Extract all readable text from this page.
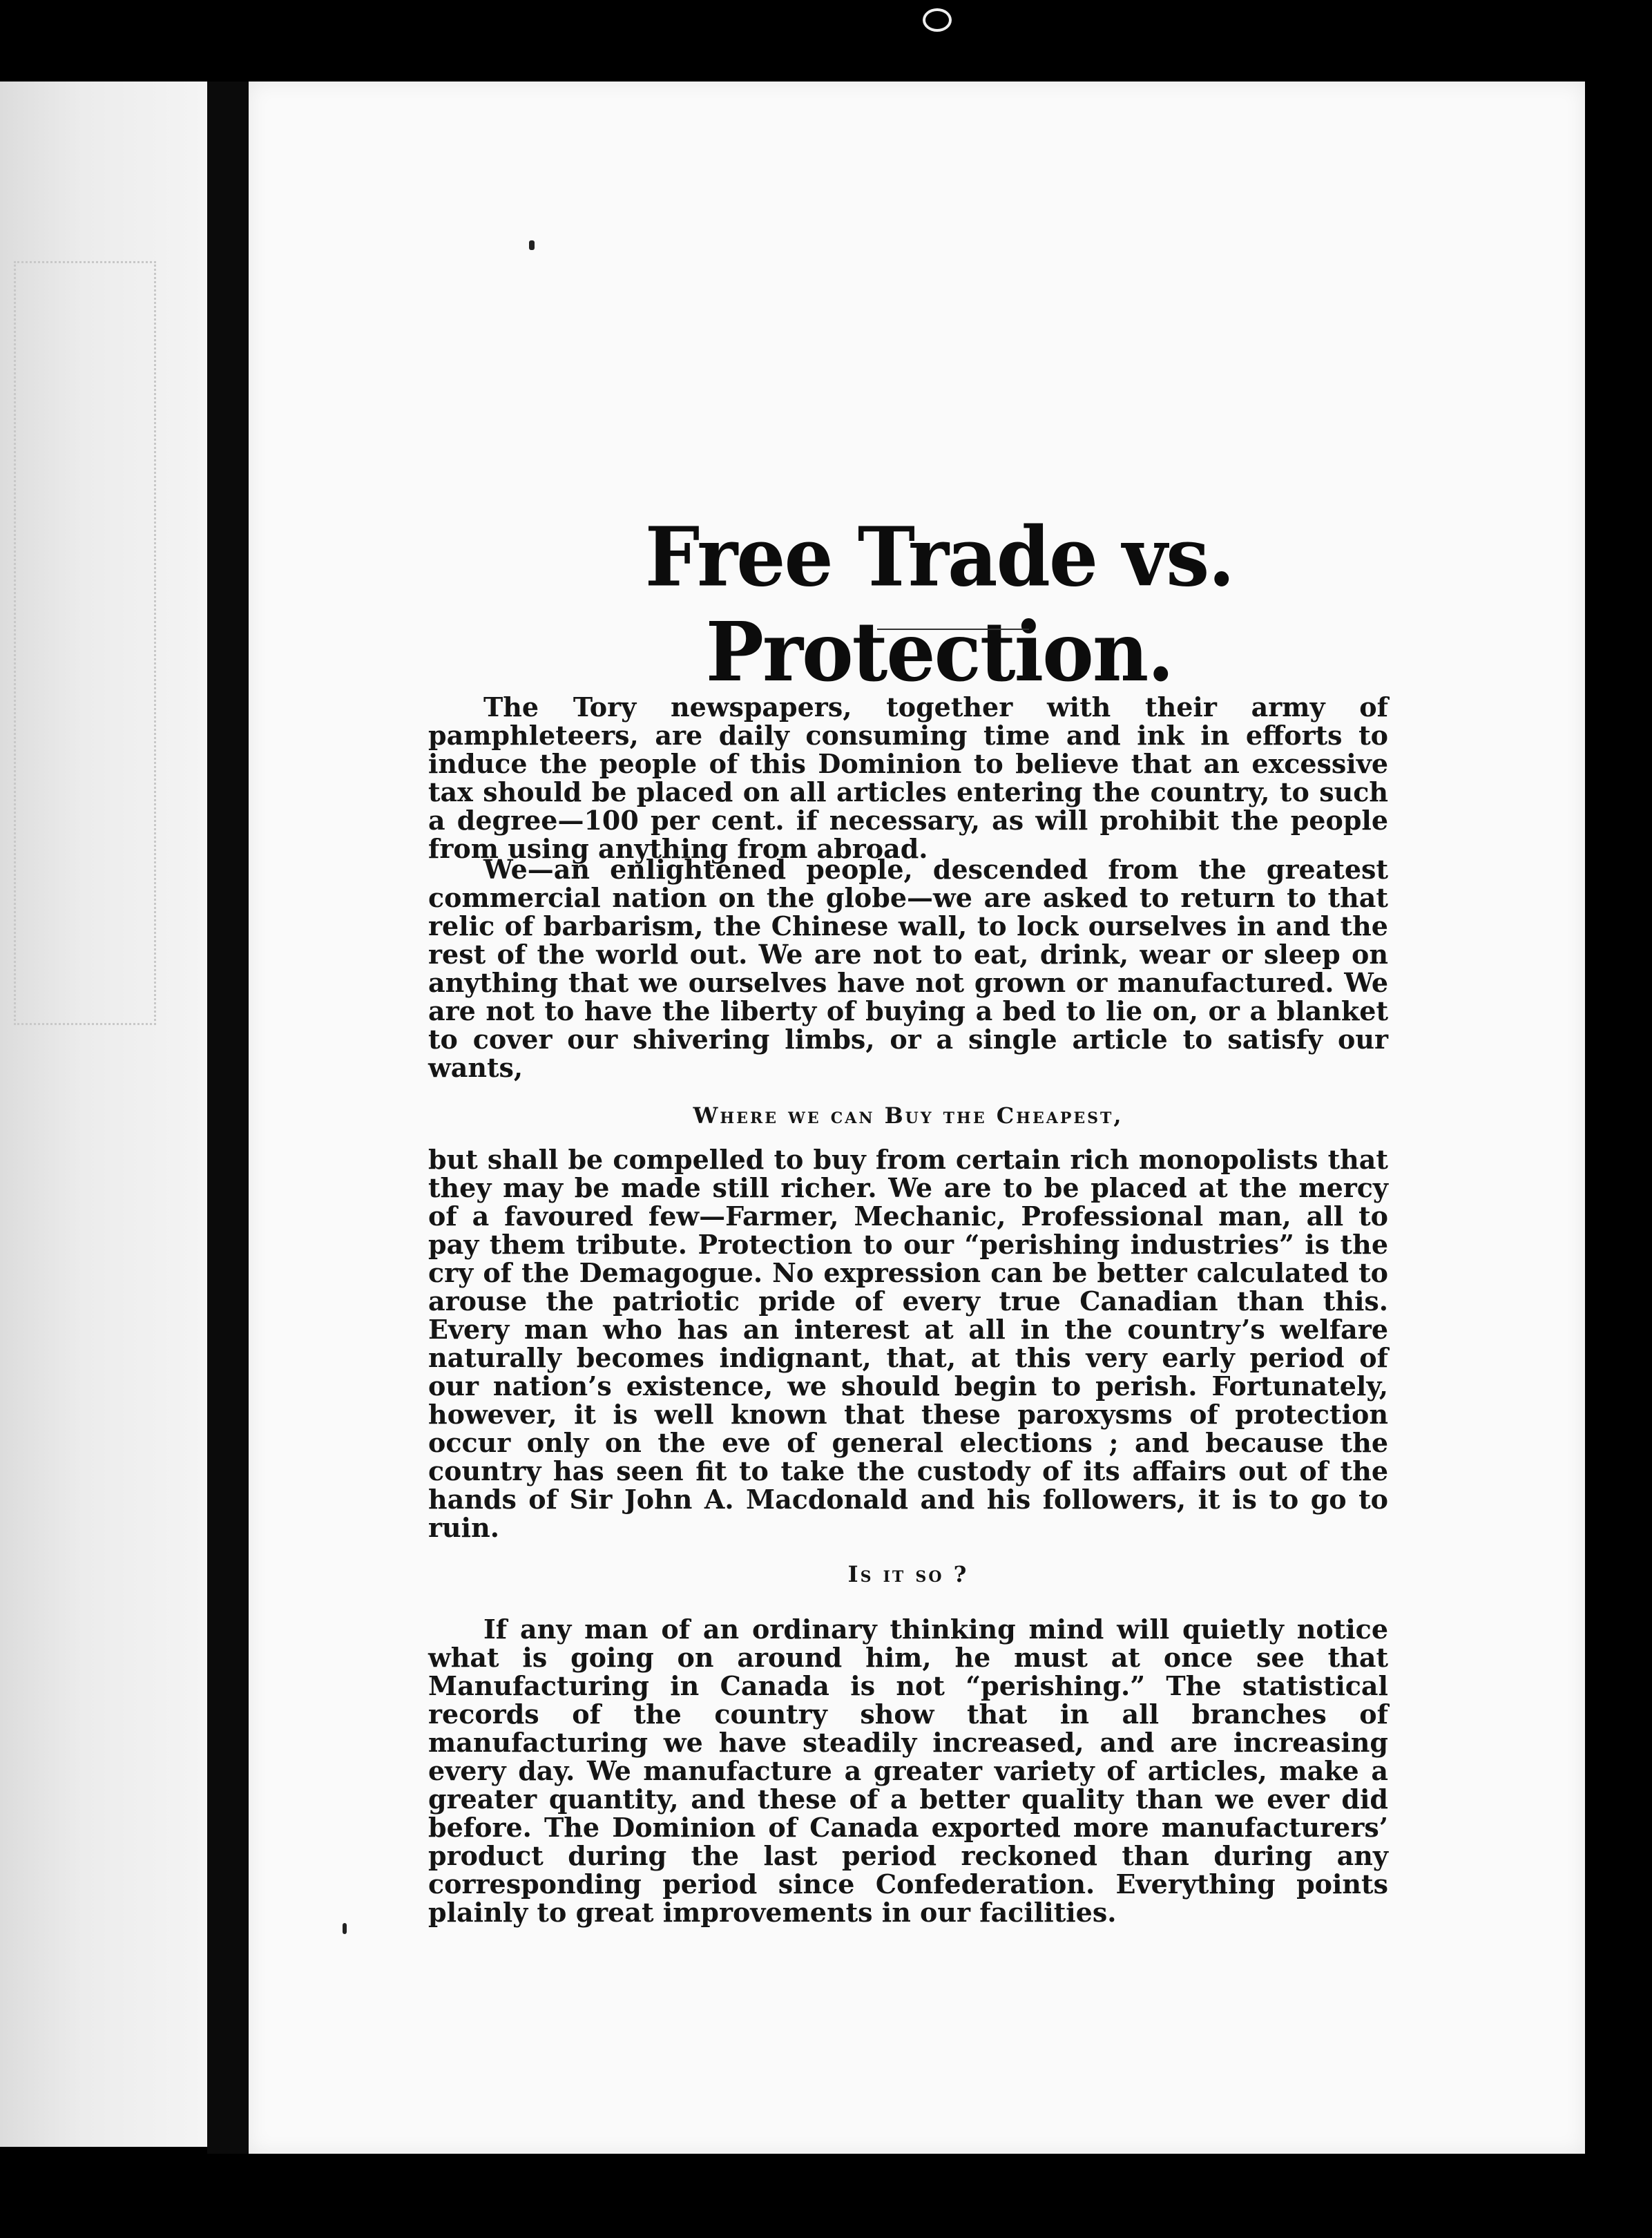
Free Trade vs. Protection.

The Tory newspapers, together with their army of pamphleteers, are daily consuming time and ink in efforts to induce the people of this Dominion to believe that an excessive tax should be placed on all articles entering the country, to such a degree—100 per cent. if necessary, as will prohibit the people from using anything from abroad.

We—an enlightened people, descended from the greatest commercial nation on the globe—we are asked to return to that relic of barbarism, the Chinese wall, to lock ourselves in and the rest of the world out. We are not to eat, drink, wear or sleep on anything that we ourselves have not grown or manufactured. We are not to have the liberty of buying a bed to lie on, or a blanket to cover our shivering limbs, or a single article to satisfy our wants,

Where we can Buy the Cheapest,

but shall be compelled to buy from certain rich monopolists that they may be made still richer. We are to be placed at the mercy of a favoured few—Farmer, Mechanic, Professional man, all to pay them tribute. Protection to our “perishing industries” is the cry of the Demagogue. No expression can be better calculated to arouse the patriotic pride of every true Canadian than this. Every man who has an interest at all in the country’s welfare naturally becomes indignant, that, at this very early period of our nation’s existence, we should begin to perish. Fortunately, however, it is well known that these paroxysms of protection occur only on the eve of general elections ; and because the country has seen fit to take the custody of its affairs out of the hands of Sir John A. Macdonald and his followers, it is to go to ruin.

Is it so ?

If any man of an ordinary thinking mind will quietly notice what is going on around him, he must at once see that Manufacturing in Canada is not “perishing.” The statistical records of the country show that in all branches of manufacturing we have steadily increased, and are increasing every day. We manufacture a greater variety of articles, make a greater quantity, and these of a better quality than we ever did before. The Dominion of Canada exported more manufacturers’ product during the last period reckoned than during any corresponding period since Confederation. Everything points plainly to great improvements in our facilities.
